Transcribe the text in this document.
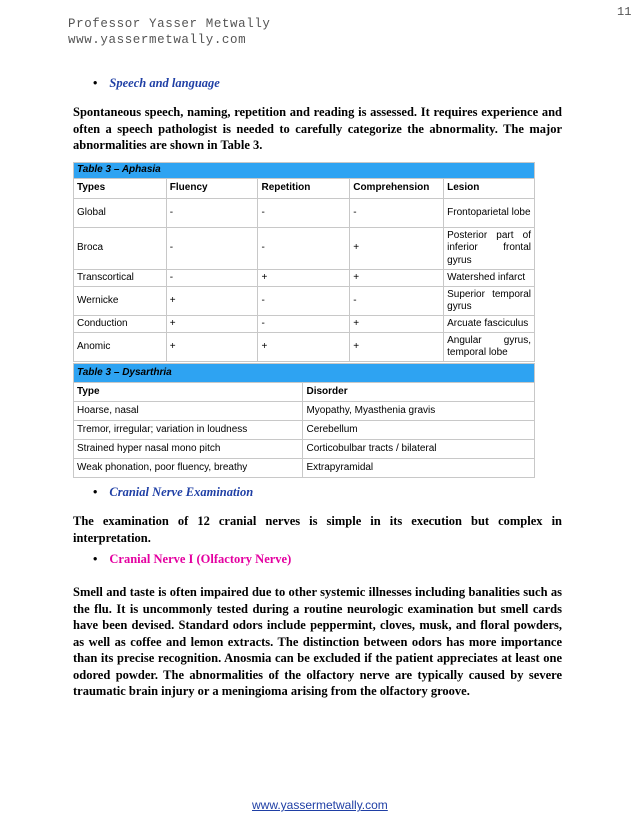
Professor Yasser Metwally
www.yassermetwally.com
11
• Speech and language
Spontaneous speech, naming, repetition and reading is assessed. It requires experience and often a speech pathologist is needed to carefully categorize the abnormality. The major abnormalities are shown in Table 3.
Table 3 – Aphasia				
Types	Fluency	Repetition	Comprehension	Lesion
Global	-	-	-	Frontoparietal lobe
Broca	-	-	+	Posterior part of inferior frontal gyrus
Transcortical	-	+	+	Watershed infarct
Wernicke	+	-	-	Superior temporal gyrus
Conduction	+	-	+	Arcuate fasciculus
Anomic	+	+	+	Angular gyrus, temporal lobe
Table 3 – Dysarthria	
Type	Disorder
Hoarse, nasal	Myopathy, Myasthenia gravis
Tremor, irregular; variation in loudness	Cerebellum
Strained hyper nasal mono pitch	Corticobulbar tracts / bilateral
Weak phonation, poor fluency, breathy	Extrapyramidal
• Cranial Nerve Examination
The examination of 12 cranial nerves is simple in its execution but complex in interpretation.
• Cranial Nerve I (Olfactory Nerve)
Smell and taste is often impaired due to other systemic illnesses including banalities such as the flu. It is uncommonly tested during a routine neurologic examination but smell cards have been devised. Standard odors include peppermint, cloves, musk, and floral powders, as well as coffee and lemon extracts. The distinction between odors has more importance than its precise recognition. Anosmia can be excluded if the patient appreciates at least one odored powder. The abnormalities of the olfactory nerve are typically caused by severe traumatic brain injury or a meningioma arising from the olfactory groove.
www.yassermetwally.com
